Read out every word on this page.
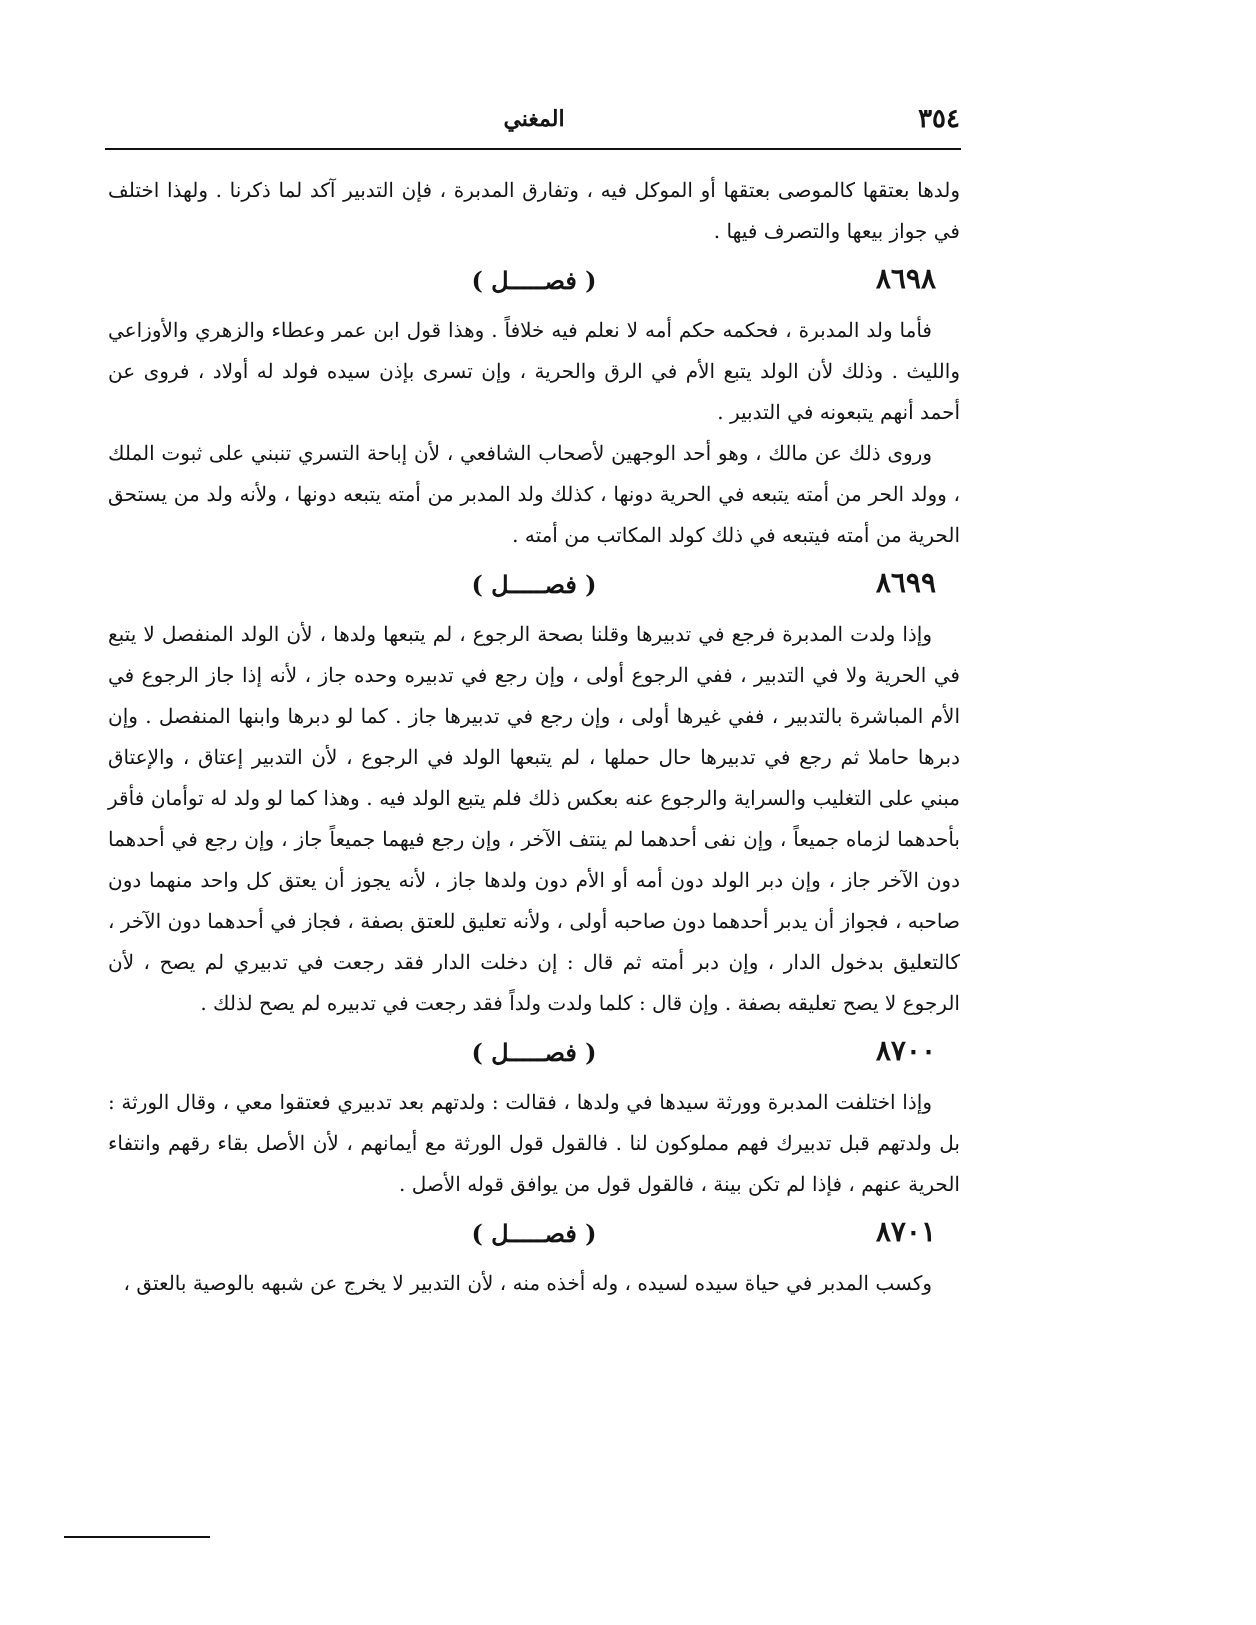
٣٥٤
المغني

ولدها بعتقها كالموصى بعتقها أو الموكل فيه ، وتفارق المدبرة ، فإن التدبير آكد لما ذكرنا . ولهذا اختلف في جواز بيعها والتصرف فيها .

٨٦٩٨
( فصـــــل )

فأما ولد المدبرة ، فحكمه حكم أمه لا نعلم فيه خلافاً . وهذا قول ابن عمر وعطاء والزهري والأوزاعي والليث . وذلك لأن الولد يتبع الأم في الرق والحرية ، وإن تسرى بإذن سيده فولد له أولاد ، فروى عن أحمد أنهم يتبعونه في التدبير .

وروى ذلك عن مالك ، وهو أحد الوجهين لأصحاب الشافعي ، لأن إباحة التسري تنبني على ثبوت الملك ، وولد الحر من أمته يتبعه في الحرية دونها ، كذلك ولد المدبر من أمته يتبعه دونها ، ولأنه ولد من يستحق الحرية من أمته فيتبعه في ذلك كولد المكاتب من أمته .

٨٦٩٩
( فصـــــل )

وإذا ولدت المدبرة فرجع في تدبيرها وقلنا بصحة الرجوع ، لم يتبعها ولدها ، لأن الولد المنفصل لا يتبع في الحرية ولا في التدبير ، ففي الرجوع أولى ، وإن رجع في تدبيره وحده جاز ، لأنه إذا جاز الرجوع في الأم المباشرة بالتدبير ، ففي غيرها أولى ، وإن رجع في تدبيرها جاز . كما لو دبرها وابنها المنفصل . وإن دبرها حاملا ثم رجع في تدبيرها حال حملها ، لم يتبعها الولد في الرجوع ، لأن التدبير إعتاق ، والإعتاق مبني على التغليب والسراية والرجوع عنه بعكس ذلك فلم يتبع الولد فيه . وهذا كما لو ولد له توأمان فأقر بأحدهما لزماه جميعاً ، وإن نفى أحدهما لم ينتف الآخر ، وإن رجع فيهما جميعاً جاز ، وإن رجع في أحدهما دون الآخر جاز ، وإن دبر الولد دون أمه أو الأم دون ولدها جاز ، لأنه يجوز أن يعتق كل واحد منهما دون صاحبه ، فجواز أن يدبر أحدهما دون صاحبه أولى ، ولأنه تعليق للعتق بصفة ، فجاز في أحدهما دون الآخر ، كالتعليق بدخول الدار ، وإن دبر أمته ثم قال : إن دخلت الدار فقد رجعت في تدبيري لم يصح ، لأن الرجوع لا يصح تعليقه بصفة . وإن قال : كلما ولدت ولداً فقد رجعت في تدبيره لم يصح لذلك .

٨٧٠٠
( فصـــــل )

وإذا اختلفت المدبرة وورثة سيدها في ولدها ، فقالت : ولدتهم بعد تدبيري فعتقوا معي ، وقال الورثة : بل ولدتهم قبل تدبيرك فهم مملوكون لنا . فالقول قول الورثة مع أيمانهم ، لأن الأصل بقاء رقهم وانتفاء الحرية عنهم ، فإذا لم تكن بينة ، فالقول قول من يوافق قوله الأصل .

٨٧٠١
( فصـــــل )

وكسب المدبر في حياة سيده لسيده ، وله أخذه منه ، لأن التدبير لا يخرج عن شبهه بالوصية بالعتق ،
